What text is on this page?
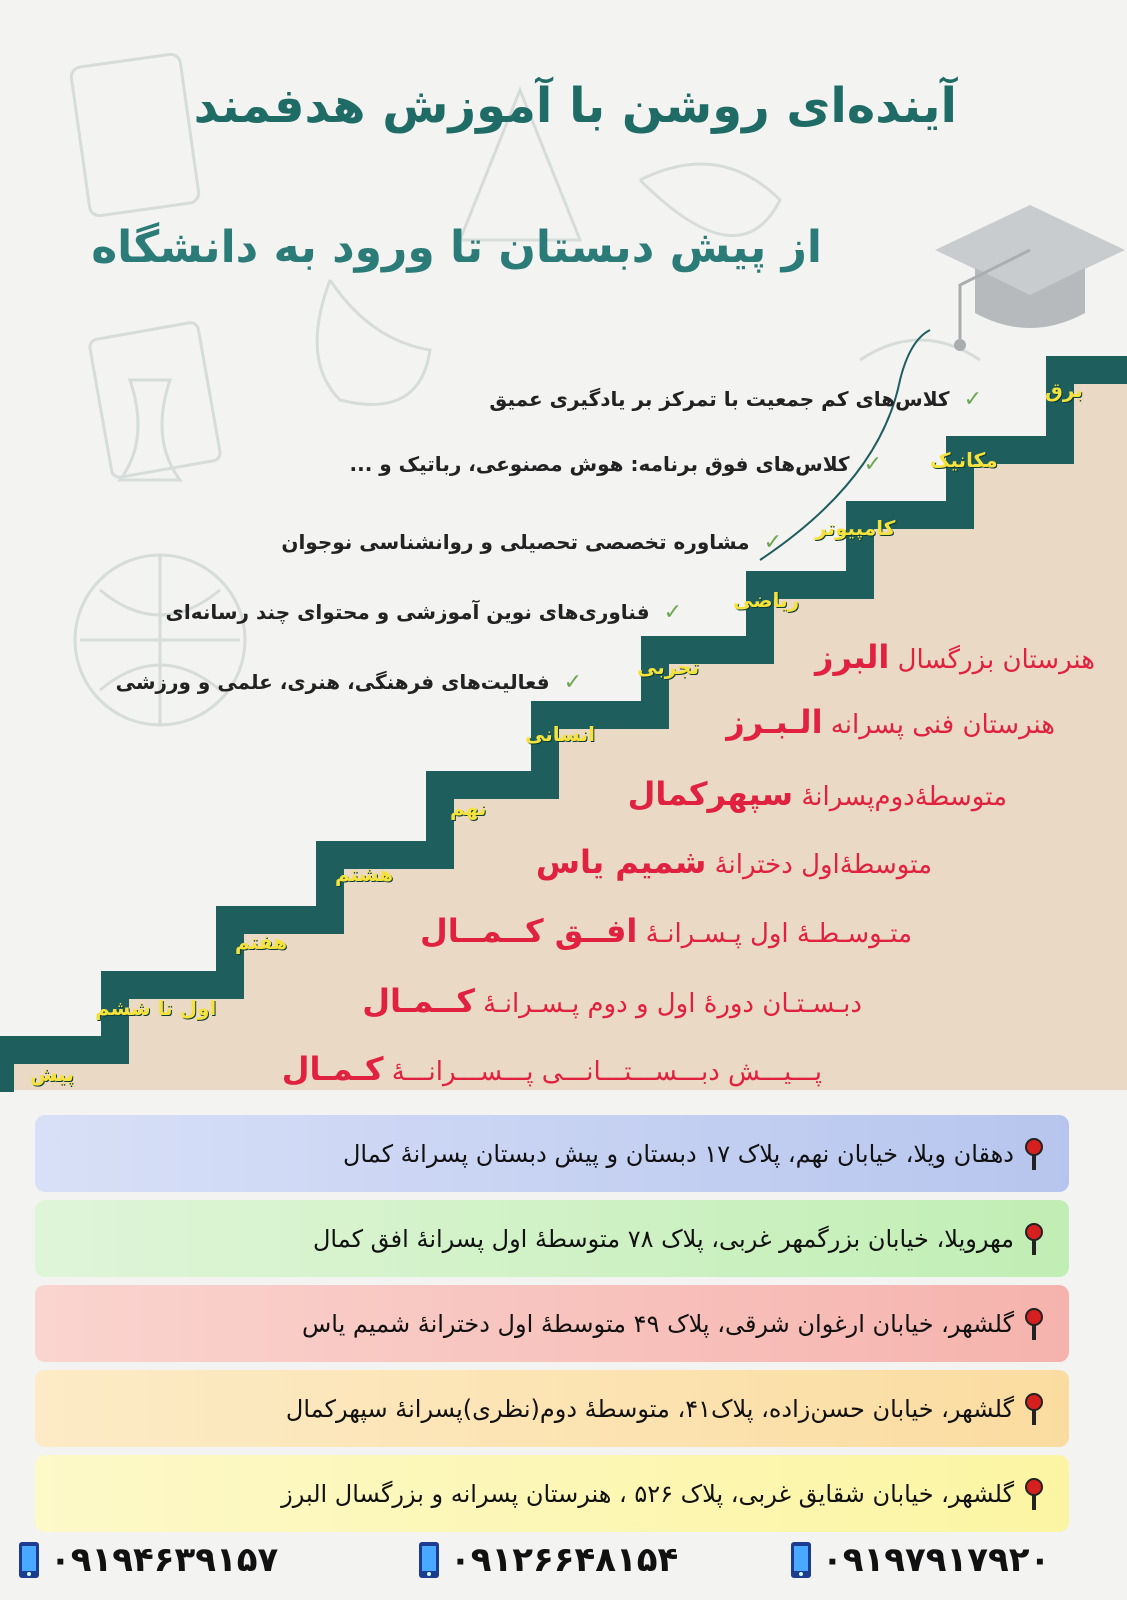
آینده‌ای روشن با آموزش هدفمند
از پیش دبستان تا ورود به دانشگاه
✓کلاس‌های کم جمعیت با تمرکز بر یادگیری عمیق
✓کلاس‌های فوق برنامه: هوش مصنوعی، رباتیک و ...
✓مشاوره تخصصی تحصیلی و روانشناسی نوجوان
✓فناوری‌های نوین آموزشی و محتوای چند رسانه‌ای
✓فعالیت‌های فرهنگی، هنری، علمی و ورزشی
برق
مکانیک
کامپیوتر
ریاضی
تجربی
انسانی
نهم
هشتم
هفتم
اول تا ششم
پیش
هنرستان بزرگسال البرز
هنرستان فنی پسرانه الـبـرز
متوسطۀ‌دوم‌پسرانۀ سپهرکمال
متوسطۀ‌اول دخترانۀ شمیم یاس
متـوسـطـۀ اول پـسـرانـۀ افــق کــمــال
دبـسـتـان دورۀ اول و دوم پـسـرانـۀ کــمـال
پـــیـــش دبـــســـتـــانـــی پـــســـرانـــۀ کـمـال
دهقان ویلا، خیابان نهم، پلاک ۱۷ دبستان و پیش دبستان پسرانۀ کمال
مهرویلا، خیابان بزرگمهر غربی، پلاک ۷۸ متوسطۀ اول پسرانۀ افق کمال
گلشهر، خیابان ارغوان شرقی، پلاک ۴۹ متوسطۀ اول دخترانۀ شمیم یاس
گلشهر، خیابان حسن‌زاده، پلاک۴۱، متوسطۀ دوم(نظری)پسرانۀ سپهرکمال
گلشهر، خیابان شقایق غربی، پلاک ۵۲۶ ، هنرستان پسرانه و بزرگسال البرز
۰۹۱۹۴۶۳۹۱۵۷	۰۹۱۲۶۶۴۸۱۵۴	۰۹۱۹۷۹۱۷۹۲۰
